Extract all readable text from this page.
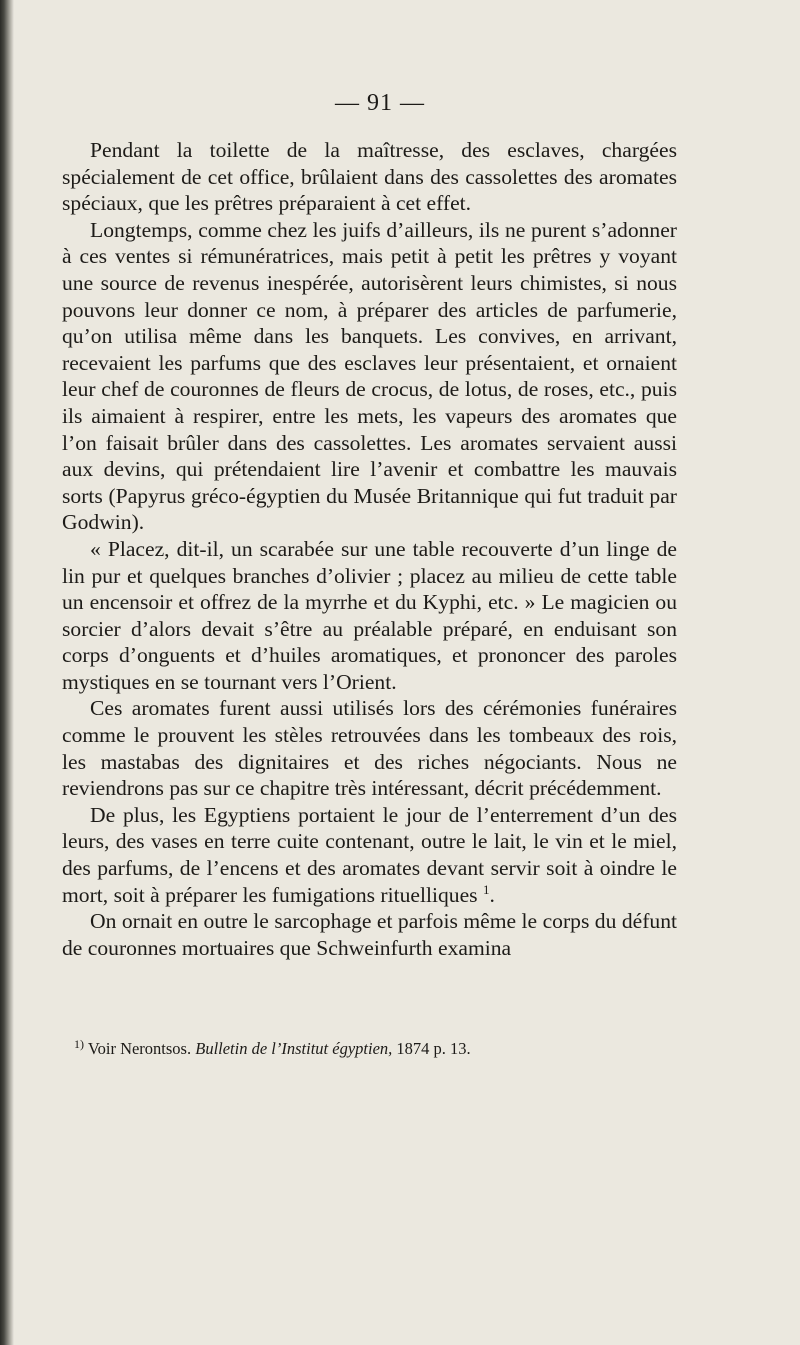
— 91 —

Pendant la toilette de la maîtresse, des esclaves, chargées spécialement de cet office, brûlaient dans des cassolettes des aromates spéciaux, que les prêtres préparaient à cet effet.

Longtemps, comme chez les juifs d’ailleurs, ils ne purent s’adonner à ces ventes si rémunératrices, mais petit à petit les prêtres y voyant une source de revenus inespérée, autorisèrent leurs chimistes, si nous pouvons leur donner ce nom, à préparer des articles de parfumerie, qu’on utilisa même dans les banquets. Les convives, en arrivant, recevaient les parfums que des esclaves leur présentaient, et ornaient leur chef de couronnes de fleurs de crocus, de lotus, de roses, etc., puis ils aimaient à respirer, entre les mets, les vapeurs des aromates que l’on faisait brûler dans des cassolettes. Les aromates servaient aussi aux devins, qui prétendaient lire l’avenir et combattre les mauvais sorts (Papyrus gréco-égyptien du Musée Britannique qui fut traduit par Godwin).

« Placez, dit-il, un scarabée sur une table recouverte d’un linge de lin pur et quelques branches d’olivier ; placez au milieu de cette table un encensoir et offrez de la myrrhe et du Kyphi, etc. » Le magicien ou sorcier d’alors devait s’être au préalable préparé, en enduisant son corps d’onguents et d’huiles aromatiques, et prononcer des paroles mystiques en se tournant vers l’Orient.

Ces aromates furent aussi utilisés lors des cérémonies funéraires comme le prouvent les stèles retrouvées dans les tombeaux des rois, les mastabas des dignitaires et des riches négociants. Nous ne reviendrons pas sur ce chapitre très intéressant, décrit précédemment.

De plus, les Egyptiens portaient le jour de l’enterrement d’un des leurs, des vases en terre cuite contenant, outre le lait, le vin et le miel, des parfums, de l’encens et des aromates devant servir soit à oindre le mort, soit à préparer les fumigations rituelliques $^1$.

On ornait en outre le sarcophage et parfois même le corps du défunt de couronnes mortuaires que Schweinfurth examina

$^{1)}$ Voir Nerontsos. Bulletin de l’Institut égyptien, 1874 p. 13.
